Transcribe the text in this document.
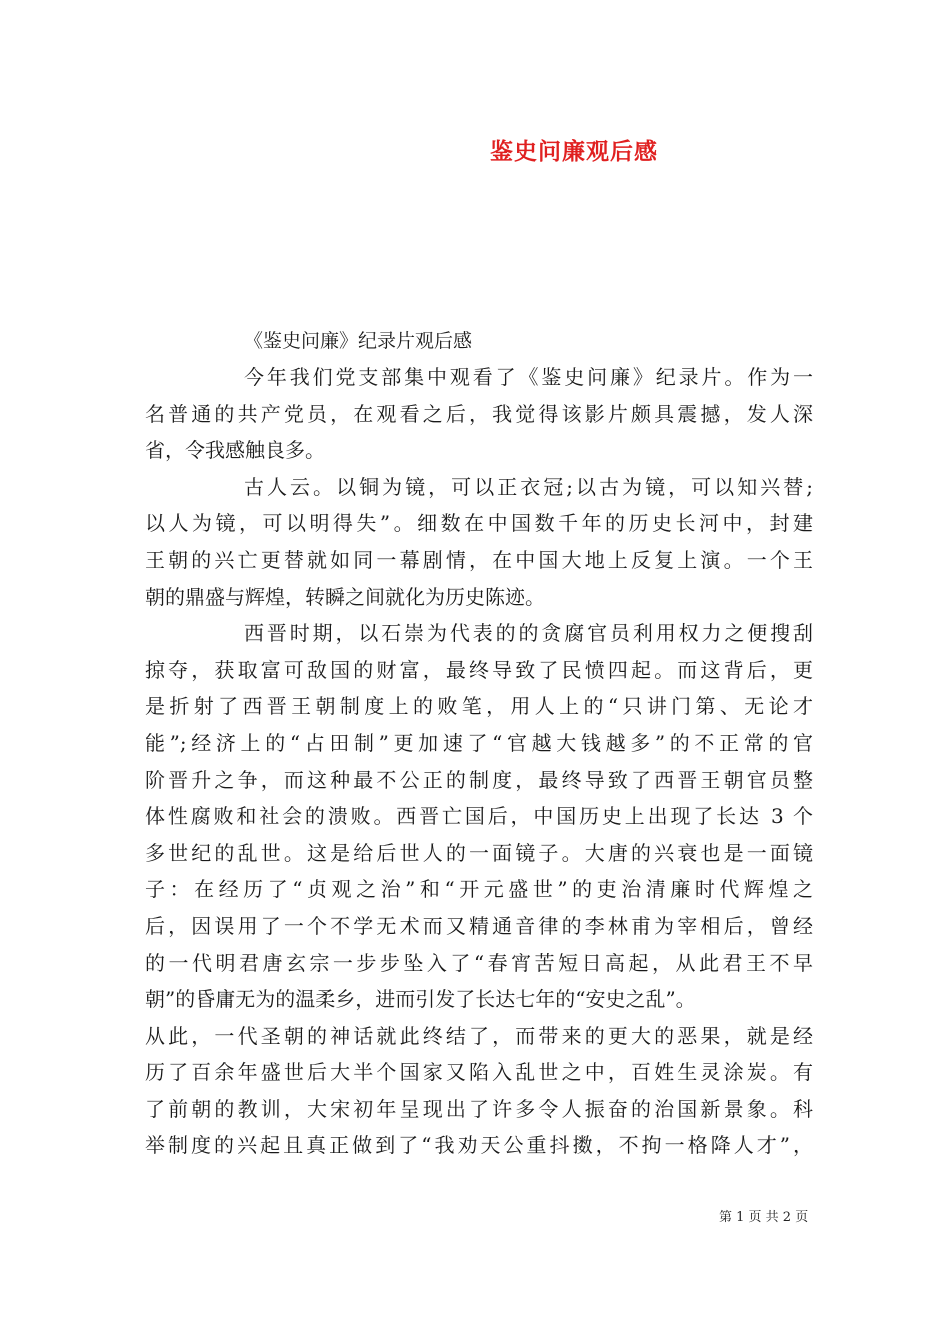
鉴史问廉观后感

《鉴史问廉》纪录片观后感

今年我们党支部集中观看了《鉴史问廉》纪录片。作为一

名普通的共产党员，在观看之后，我觉得该影片颇具震撼，发人深

省，令我感触良多。

古人云。以铜为镜，可以正衣冠;以古为镜，可以知兴替;

以人为镜，可以明得失”。细数在中国数千年的历史长河中，封建

王朝的兴亡更替就如同一幕剧情，在中国大地上反复上演。一个王

朝的鼎盛与辉煌，转瞬之间就化为历史陈迹。

西晋时期，以石崇为代表的的贪腐官员利用权力之便搜刮

掠夺，获取富可敌国的财富，最终导致了民愤四起。而这背后，更

是折射了西晋王朝制度上的败笔，用人上的“只讲门第、无论才

能”;经济上的“占田制”更加速了“官越大钱越多”的不正常的官

阶晋升之争，而这种最不公正的制度，最终导致了西晋王朝官员整

体性腐败和社会的溃败。西晋亡国后，中国历史上出现了长达 3 个

多世纪的乱世。这是给后世人的一面镜子。大唐的兴衰也是一面镜

子：在经历了“贞观之治”和“开元盛世”的吏治清廉时代辉煌之

后，因误用了一个不学无术而又精通音律的李林甫为宰相后，曾经

的一代明君唐玄宗一步步坠入了“春宵苦短日高起，从此君王不早

朝”的昏庸无为的温柔乡，进而引发了长达七年的“安史之乱”。

从此，一代圣朝的神话就此终结了，而带来的更大的恶果，就是经

历了百余年盛世后大半个国家又陷入乱世之中，百姓生灵涂炭。有

了前朝的教训，大宋初年呈现出了许多令人振奋的治国新景象。科

举制度的兴起且真正做到了“我劝天公重抖擞，不拘一格降人才”，

第 1 页 共 2 页
